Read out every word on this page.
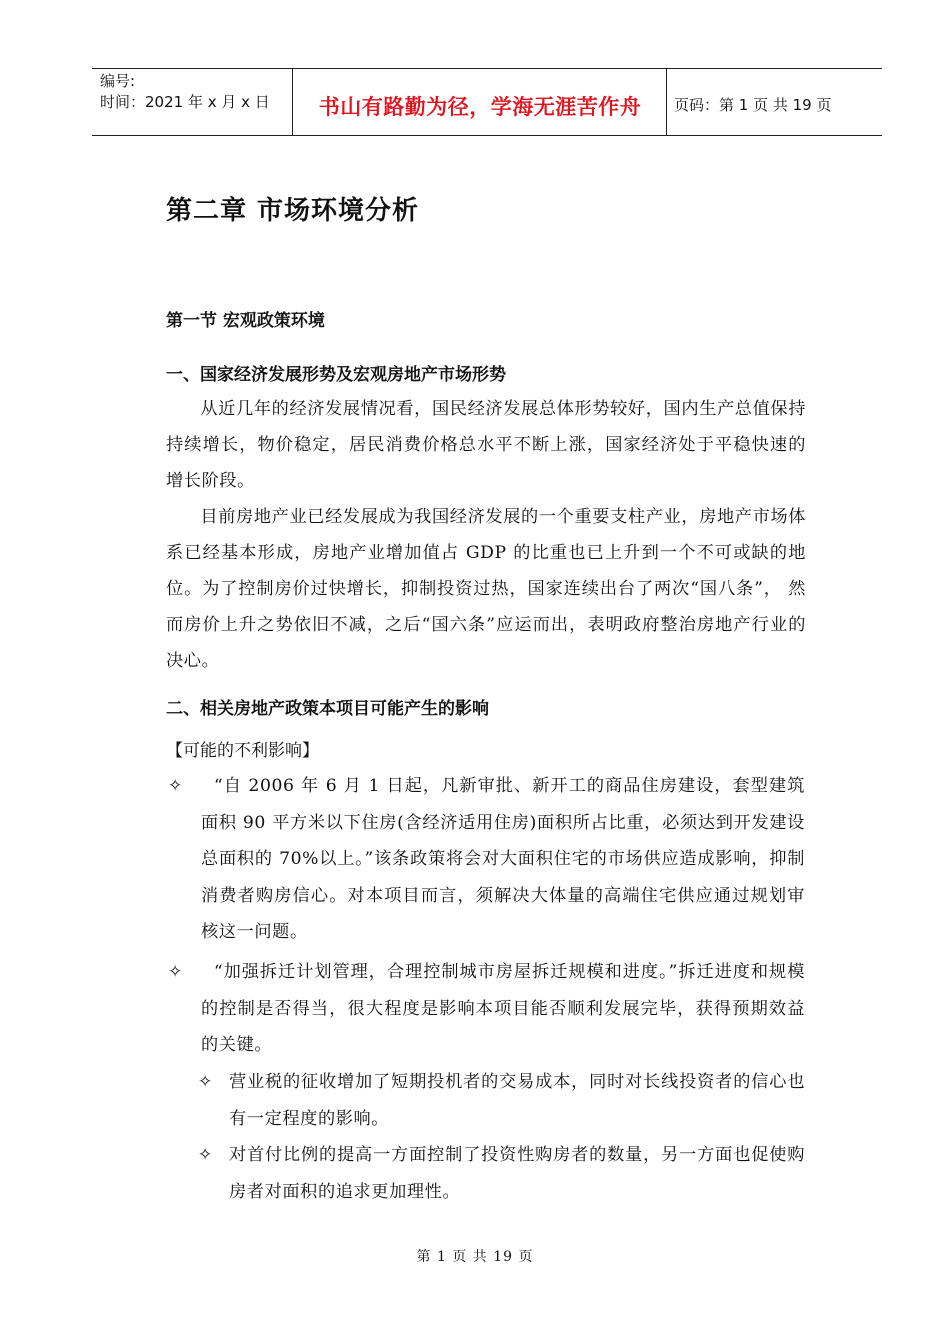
编号:
时间：2021 年 x 月 x 日	书山有路勤为径，学海无涯苦作舟	页码：第 1 页 共 19 页
第二章 市场环境分析
第一节 宏观政策环境
一、国家经济发展形势及宏观房地产市场形势

从近几年的经济发展情况看，国民经济发展总体形势较好，国内生产总值保持持续增长，物价稳定，居民消费价格总水平不断上涨，国家经济处于平稳快速的增长阶段。

目前房地产业已经发展成为我国经济发展的一个重要支柱产业，房地产市场体系已经基本形成，房地产业增加值占 GDP 的比重也已上升到一个不可或缺的地位。为了控制房价过快增长，抑制投资过热，国家连续出台了两次“国八条”， 然而房价上升之势依旧不减，之后“国六条”应运而出，表明政府整治房地产行业的决心。

二、相关房地产政策本项目可能产生的影响
【可能的不利影响】
✧	“自 2006 年 6 月 1 日起，凡新审批、新开工的商品住房建设，套型建筑面积 90 平方米以下住房(含经济适用住房)面积所占比重，必须达到开发建设总面积的 70%以上。”该条政策将会对大面积住宅的市场供应造成影响，抑制消费者购房信心。对本项目而言，须解决大体量的高端住宅供应通过规划审核这一问题。

✧	“加强拆迁计划管理，合理控制城市房屋拆迁规模和进度。”拆迁进度和规模的控制是否得当，很大程度是影响本项目能否顺利发展完毕，获得预期效益的关键。

✧ 营业税的征收增加了短期投机者的交易成本，同时对长线投资者的信心也有一定程度的影响。

✧ 对首付比例的提高一方面控制了投资性购房者的数量，另一方面也促使购房者对面积的追求更加理性。

第 1 页 共 19 页
